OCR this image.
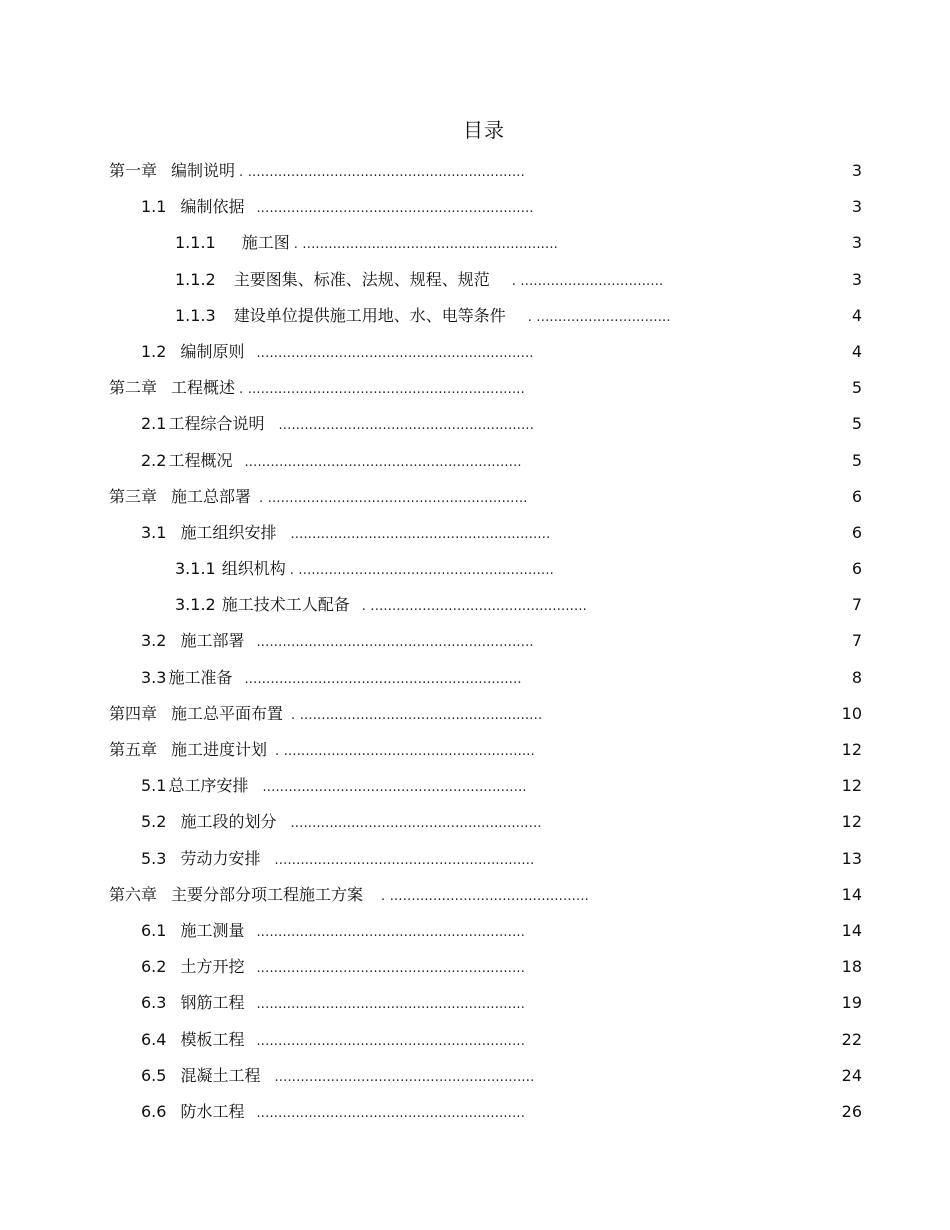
目录
第一章 编制说明 . ................................................................	3
1.1 编制依据 ................................................................	3
1.1.1 施工图 . ...........................................................	3
1.1.2 主要图集、标准、法规、规程、规范 . .................................	3
1.1.3 建设单位提供施工用地、水、电等条件 . ...............................	4
1.2 编制原则 ................................................................	4
第二章 工程概述 . ................................................................	5
2.1 工程综合说明 ...........................................................	5
2.2 工程概况 ................................................................	5
第三章 施工总部署 . ............................................................	6
3.1 施工组织安排 ............................................................	6
3.1.1 组织机构 . ...........................................................	6
3.1.2 施工技术工人配备 . ..................................................	7
3.2 施工部署 ................................................................	7
3.3 施工准备 ................................................................	8
第四章 施工总平面布置 . ........................................................	10
第五章 施工进度计划 . ..........................................................	12
5.1 总工序安排 .............................................................	12
5.2 施工段的划分 ..........................................................	12
5.3 劳动力安排 ............................................................	13
第六章 主要分部分项工程施工方案 . ..............................................	14
6.1 施工测量 ..............................................................	14
6.2 土方开挖 ..............................................................	18
6.3 钢筋工程 ..............................................................	19
6.4 模板工程 ..............................................................	22
6.5 混凝土工程 ............................................................	24
6.6 防水工程 ..............................................................	26
